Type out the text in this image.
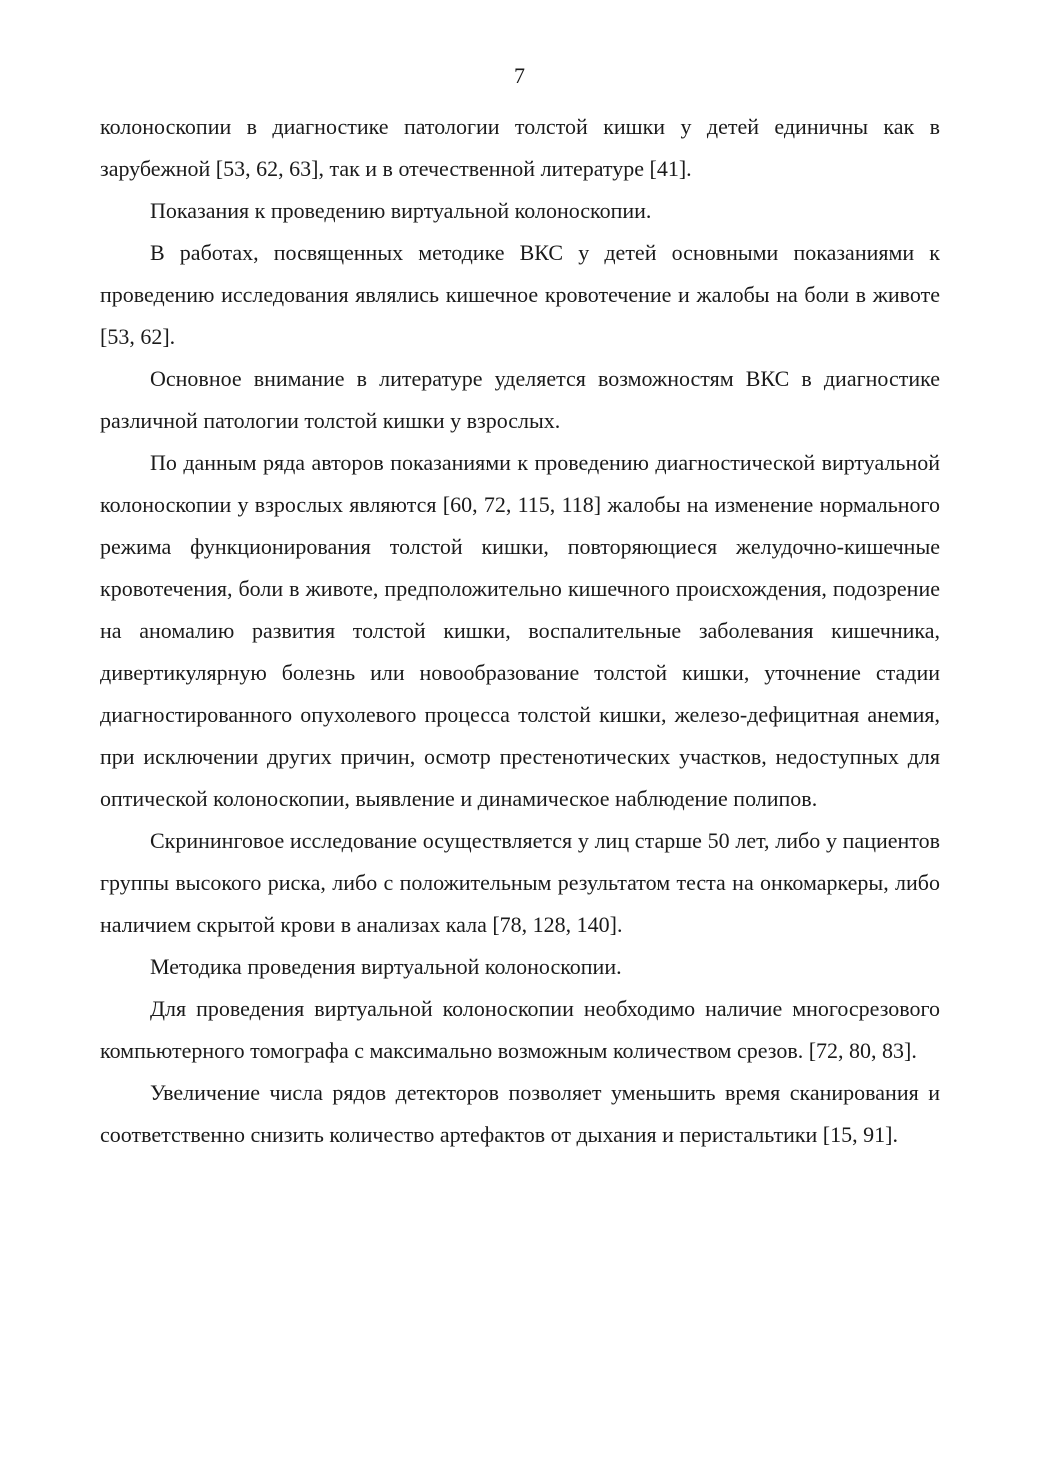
7

колоноскопии в диагностике патологии толстой кишки у детей единичны как в зарубежной [53, 62, 63], так и в отечественной литературе [41].

Показания к проведению виртуальной колоноскопии.

В работах, посвященных методике ВКС у детей основными показаниями к проведению исследования являлись кишечное кровотечение и жалобы на боли в животе [53, 62].

Основное внимание в литературе уделяется возможностям ВКС в диагностике различной патологии толстой кишки у взрослых.

По данным ряда авторов показаниями к проведению диагностической виртуальной колоноскопии у взрослых являются [60, 72, 115, 118] жалобы на изменение нормального режима функционирования толстой кишки, повторяющиеся желудочно-кишечные кровотечения, боли в животе, предположительно кишечного происхождения, подозрение на аномалию развития толстой кишки, воспалительные заболевания кишечника, дивертикулярную болезнь или новообразование толстой кишки, уточнение стадии диагностированного опухолевого процесса толстой кишки, железо-дефицитная анемия, при исключении других причин, осмотр престенотических участков, недоступных для оптической колоноскопии, выявление и динамическое наблюдение полипов.

Скрининговое исследование осуществляется у лиц старше 50 лет, либо у пациентов группы высокого риска, либо с положительным результатом теста на онкомаркеры, либо наличием скрытой крови в анализах кала [78, 128, 140].

Методика проведения виртуальной колоноскопии.

Для проведения виртуальной колоноскопии необходимо наличие многосрезового компьютерного томографа с максимально возможным количеством срезов. [72, 80, 83].

Увеличение числа рядов детекторов позволяет уменьшить время сканирования и соответственно снизить количество артефактов от дыхания и перистальтики [15, 91].
